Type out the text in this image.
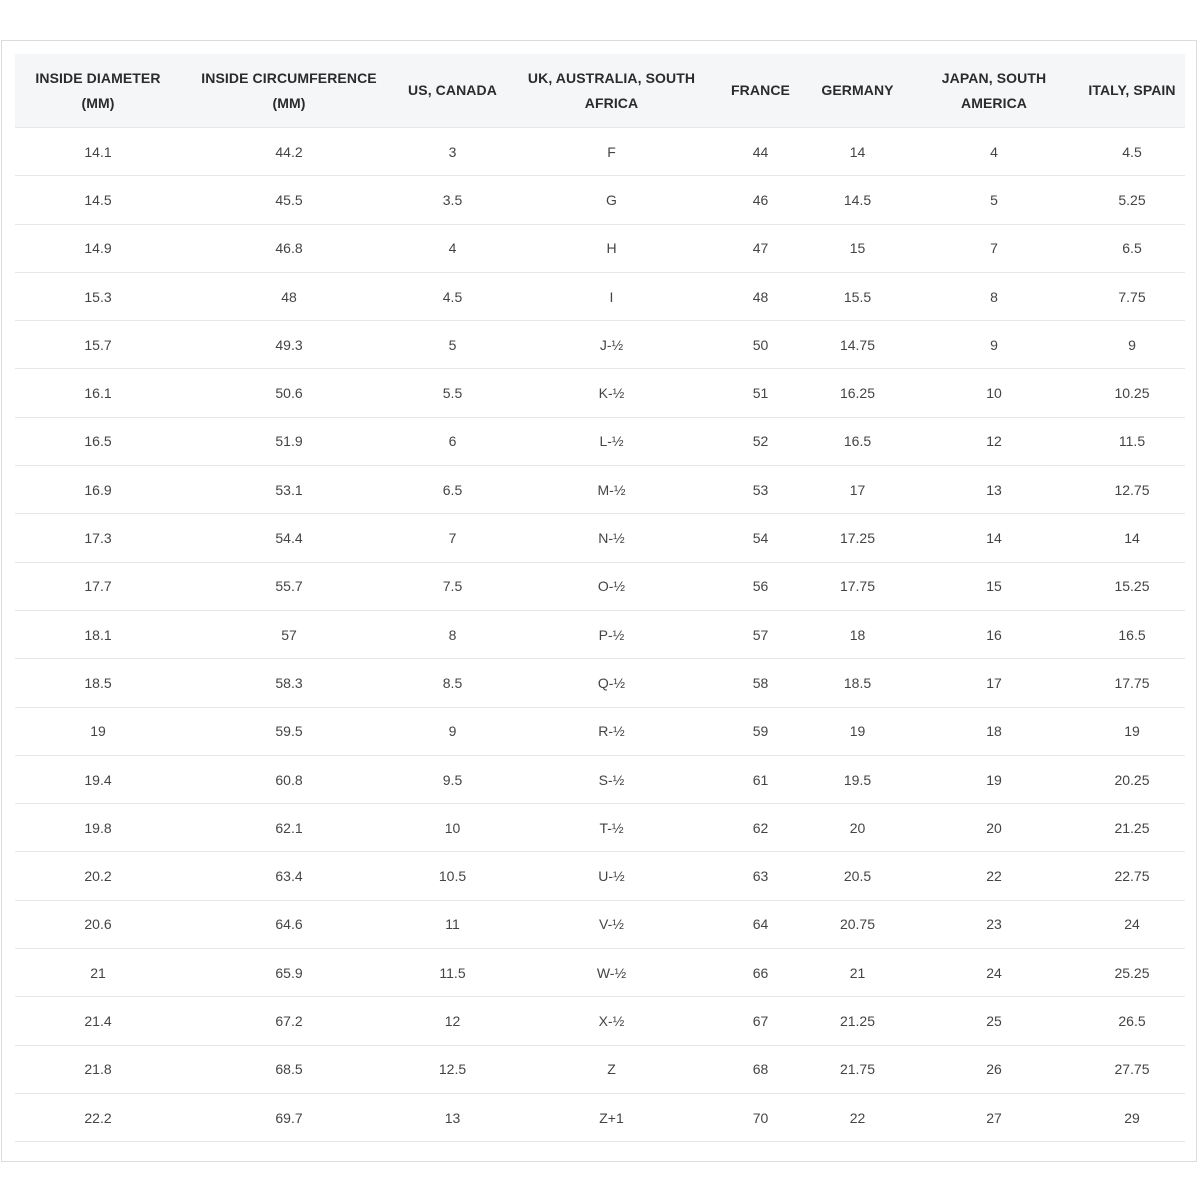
INSIDE DIAMETER (MM)	INSIDE CIRCUMFERENCE (MM)	US, CANADA	UK, AUSTRALIA, SOUTH AFRICA	FRANCE	GERMANY	JAPAN, SOUTH AMERICA	ITALY, SPAIN
14.1	44.2	3	F	44	14	4	4.5
14.5	45.5	3.5	G	46	14.5	5	5.25
14.9	46.8	4	H	47	15	7	6.5
15.3	48	4.5	I	48	15.5	8	7.75
15.7	49.3	5	J-½	50	14.75	9	9
16.1	50.6	5.5	K-½	51	16.25	10	10.25
16.5	51.9	6	L-½	52	16.5	12	11.5
16.9	53.1	6.5	M-½	53	17	13	12.75
17.3	54.4	7	N-½	54	17.25	14	14
17.7	55.7	7.5	O-½	56	17.75	15	15.25
18.1	57	8	P-½	57	18	16	16.5
18.5	58.3	8.5	Q-½	58	18.5	17	17.75
19	59.5	9	R-½	59	19	18	19
19.4	60.8	9.5	S-½	61	19.5	19	20.25
19.8	62.1	10	T-½	62	20	20	21.25
20.2	63.4	10.5	U-½	63	20.5	22	22.75
20.6	64.6	11	V-½	64	20.75	23	24
21	65.9	11.5	W-½	66	21	24	25.25
21.4	67.2	12	X-½	67	21.25	25	26.5
21.8	68.5	12.5	Z	68	21.75	26	27.75
22.2	69.7	13	Z+1	70	22	27	29
